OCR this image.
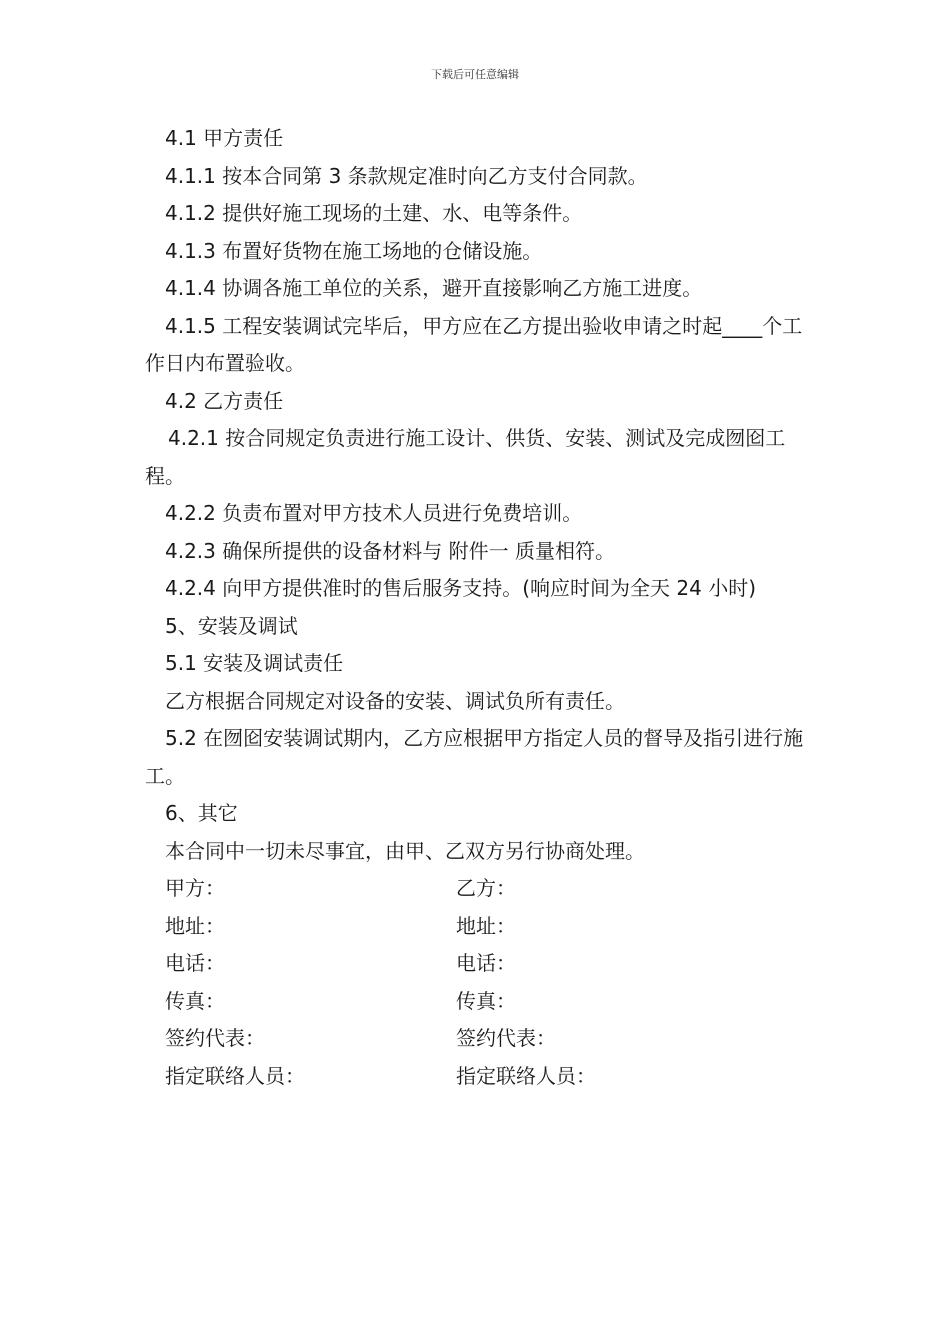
下载后可任意编辑

4.1 甲方责任

4.1.1 按本合同第 3 条款规定准时向乙方支付合同款。

4.1.2 提供好施工现场的土建、水、电等条件。

4.1.3 布置好货物在施工场地的仓储设施。

4.1.4 协调各施工单位的关系，避开直接影响乙方施工进度。

4.1.5 工程安装调试完毕后，甲方应在乙方提出验收申请之时起____个工作日内布置验收。

4.2 乙方责任

4.2.1 按合同规定负责进行施工设计、供货、安装、测试及完成囫囵工程。

4.2.2 负责布置对甲方技术人员进行免费培训。

4.2.3 确保所提供的设备材料与 附件一 质量相符。

4.2.4 向甲方提供准时的售后服务支持。(响应时间为全天 24 小时)

5、安装及调试

5.1 安装及调试责任

乙方根据合同规定对设备的安装、调试负所有责任。

5.2 在囫囵安装调试期内，乙方应根据甲方指定人员的督导及指引进行施工。

6、其它

本合同中一切未尽事宜，由甲、乙双方另行协商处理。

甲方：	乙方：
地址：	地址：
电话：	电话：
传真：	传真：
签约代表：	签约代表：
指定联络人员：	指定联络人员：
